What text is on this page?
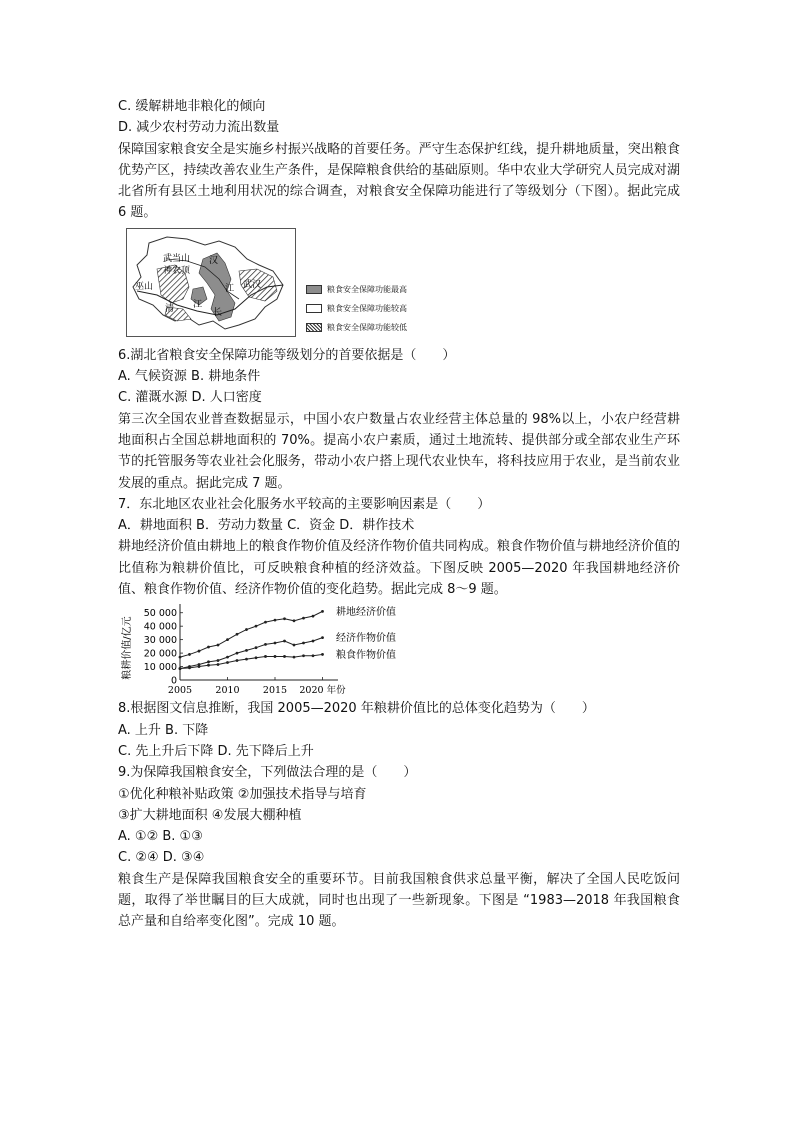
C. 缓解耕地非粮化的倾向
D. 减少农村劳动力流出数量
保障国家粮食安全是实施乡村振兴战略的首要任务。严守生态保护红线，提升耕地质量，突出粮食优势产区，持续改善农业生产条件，是保障粮食供给的基础原则。华中农业大学研究人员完成对湖北省所有县区土地利用状况的综合调查，对粮食安全保障功能进行了等级划分（下图）。据此完成 6 题。
武当山
神农顶
汉
武汉
巫山
清 江
长
江	粮食安全保障功能最高
粮食安全保障功能较高
粮食安全保障功能较低
6.湖北省粮食安全保障功能等级划分的首要依据是（　　）
A. 气候资源 B. 耕地条件
C. 灌溉水源 D. 人口密度
第三次全国农业普查数据显示，中国小农户数量占农业经营主体总量的 98%以上，小农户经营耕地面积占全国总耕地面积的 70%。提高小农户素质，通过土地流转、提供部分或全部农业生产环节的托管服务等农业社会化服务，带动小农户搭上现代农业快车，将科技应用于农业，是当前农业发展的重点。据此完成 7 题。
7．东北地区农业社会化服务水平较高的主要影响因素是（　　）
A．耕地面积 B．劳动力数量 C．资金 D．耕作技术
耕地经济价值由耕地上的粮食作物价值及经济作物价值共同构成。粮食作物价值与耕地经济价值的比值称为粮耕价值比，可反映粮食种植的经济效益。下图反映 2005—2020 年我国耕地经济价值、粮食作物价值、经济作物价值的变化趋势。据此完成 8～9 题。
粮耕价值/亿元
50 000
40 000
30 000
20 000
10 000
0
2005 2010 2015 2020 年份
耕地经济价值
经济作物价值
粮食作物价值
8.根据图文信息推断，我国 2005—2020 年粮耕价值比的总体变化趋势为（　　）
A. 上升 B. 下降
C. 先上升后下降 D. 先下降后上升
9.为保障我国粮食安全，下列做法合理的是（　　）
①优化种粮补贴政策 ②加强技术指导与培育
③扩大耕地面积 ④发展大棚种植
A. ①② B. ①③
C. ②④ D. ③④
粮食生产是保障我国粮食安全的重要环节。目前我国粮食供求总量平衡，解决了全国人民吃饭问题，取得了举世瞩目的巨大成就，同时也出现了一些新现象。下图是 “1983—2018 年我国粮食总产量和自给率变化图”。完成 10 题。
